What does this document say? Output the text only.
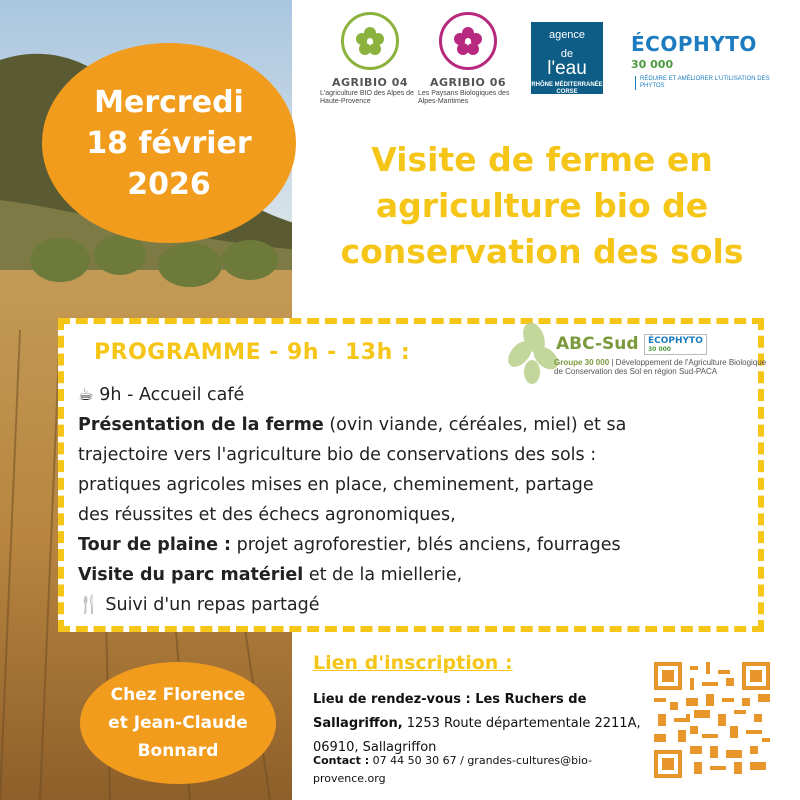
AGRIBIO 04
L'agriculture BIO des Alpes de Haute-Provence
AGRIBIO 06
Les Paysans Biologiques des Alpes-Maritimes
agence
de
l'eau
RHÔNE MÉDITERRANÉE CORSE
ÉCOPHYTO
30 000RÉDUIRE ET AMÉLIORER L'UTILISATION DES PHYTOS
Mercredi
18 février
2026
Visite de ferme en
agriculture bio de
conservation des sols
PROGRAMME - 9h - 13h :	ABC-Sud	ÉCOPHYTO
30 000
Groupe 30 000 | Développement de l'Agriculture Biologique de Conservation des Sol en région Sud-PACA
☕ 9h - Accueil café
Présentation de la ferme (ovin viande, céréales, miel) et sa
trajectoire vers l'agriculture bio de conservations des sols :
pratiques agricoles mises en place, cheminement, partage
des réussites et des échecs agronomiques,
Tour de plaine : projet agroforestier, blés anciens, fourrages
Visite du parc matériel et de la miellerie,
🍴 Suivi d'un repas partagé
Chez Florence
et Jean-Claude
Bonnard
Lien d'inscription :
Lieu de rendez-vous : Les Ruchers de Sallagriffon, 1253 Route départementale 2211A, 06910, Sallagriffon
Contact : 07 44 50 30 67 / grandes-cultures@bio-provence.org
